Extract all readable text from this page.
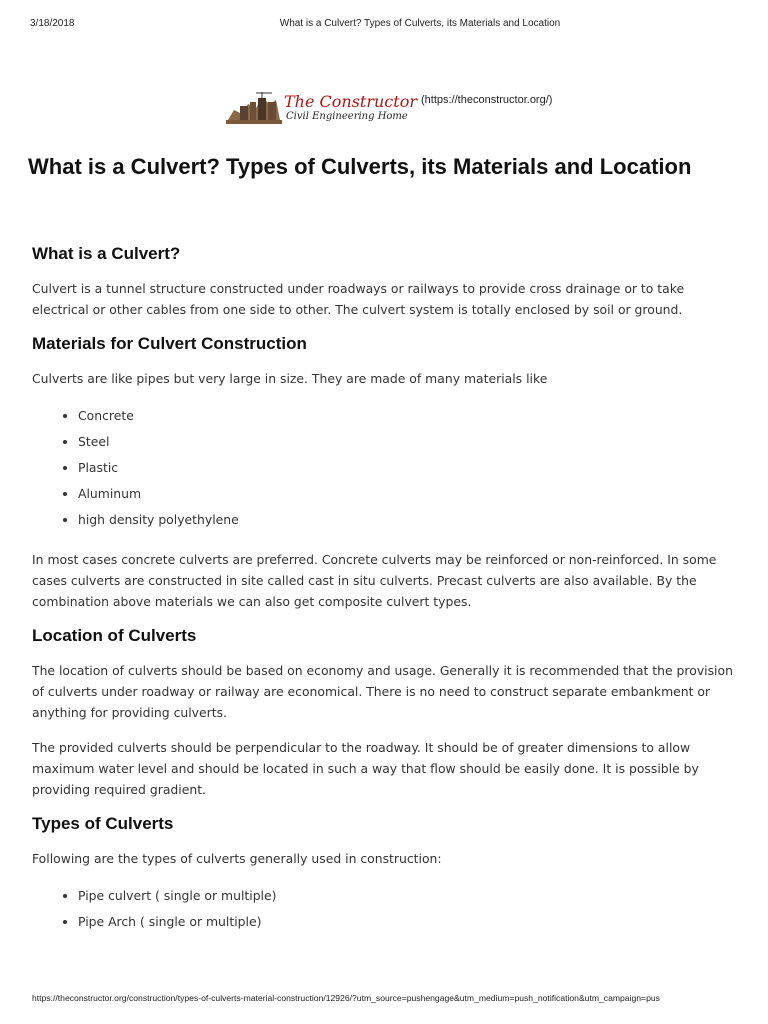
3/18/2018	What is a Culvert? Types of Culverts, its Materials and Location
The Constructor
Civil Engineering Home
(https://theconstructor.org/)
What is a Culvert? Types of Culverts, its Materials and Location
What is a Culvert?

Culvert is a tunnel structure constructed under roadways or railways to provide cross drainage or to take electrical or other cables from one side to other. The culvert system is totally enclosed by soil or ground.

Materials for Culvert Construction

Culverts are like pipes but very large in size. They are made of many materials like

• Concrete
• Steel
• Plastic
• Aluminum
• high density polyethylene

In most cases concrete culverts are preferred. Concrete culverts may be reinforced or non-reinforced. In some cases culverts are constructed in site called cast in situ culverts. Precast culverts are also available. By the combination above materials we can also get composite culvert types.

Location of Culverts

The location of culverts should be based on economy and usage. Generally it is recommended that the provision of culverts under roadway or railway are economical. There is no need to construct separate embankment or anything for providing culverts.

The provided culverts should be perpendicular to the roadway. It should be of greater dimensions to allow maximum water level and should be located in such a way that flow should be easily done. It is possible by providing required gradient.

Types of Culverts

Following are the types of culverts generally used in construction:

• Pipe culvert ( single or multiple)
• Pipe Arch ( single or multiple)
https://theconstructor.org/construction/types-of-culverts-material-construction/12926/?utm_source=pushengage&utm_medium=push_notification&utm_campaign=pus
